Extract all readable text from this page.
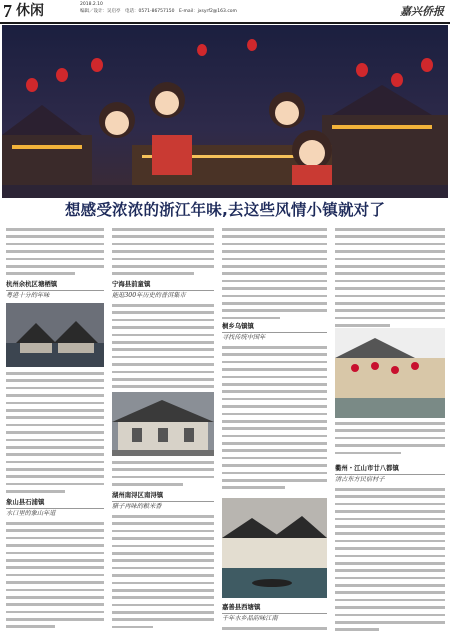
7 休闲	2018.2.10
编辑／设计：吴启亭　电话：0571-86757150　E-mail：jxsyrf2@163.com	嘉兴侨报
想感受浓浓的浙江年味,去这些风情小镇就对了
杭州余杭区塘栖镇
粤港十分的年味
象山县石浦镇
水口里的象山年道
宁海县前童镇
能逛300年历史的普洱集市
湖州南浔区南浔镇
腊子再味的粮米香
桐乡乌镇镇
寻找传统中国年
嘉善县西塘镇
千年水乡品韵味江南
衢州・江山市廿八都镇
清古东方民宿村子
